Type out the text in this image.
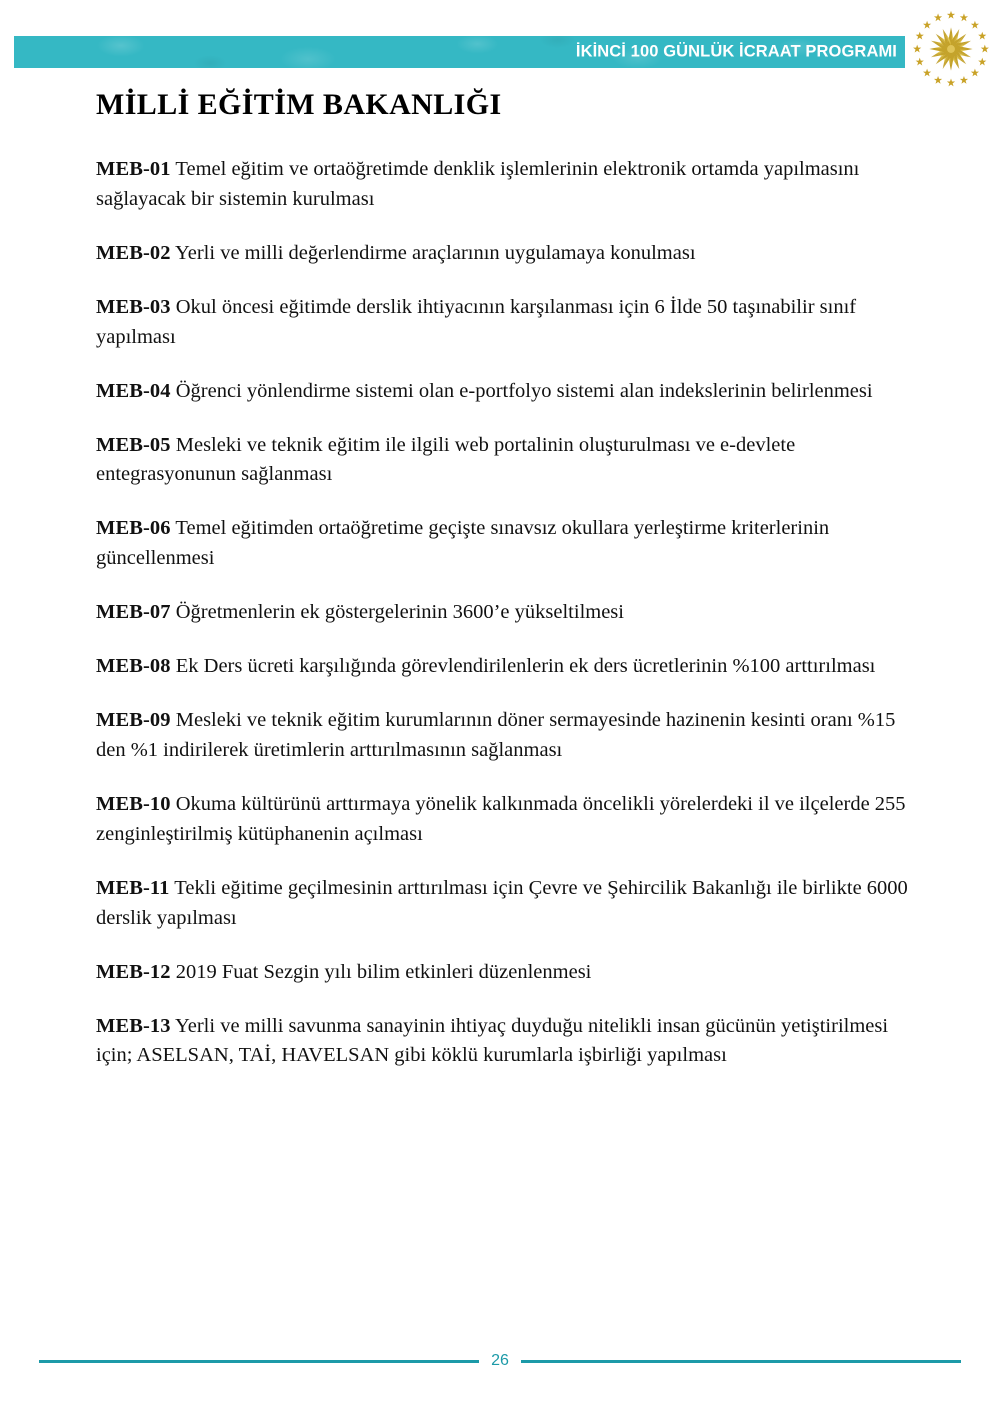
İKİNCİ 100 GÜNLÜK İCRAAT PROGRAMI
MİLLİ EĞİTİM BAKANLIĞI
MEB-01 Temel eğitim ve ortaöğretimde denklik işlemlerinin elektronik ortamda yapılmasını sağlayacak bir sistemin kurulması
MEB-02 Yerli ve milli değerlendirme araçlarının uygulamaya konulması
MEB-03 Okul öncesi eğitimde derslik ihtiyacının karşılanması için 6 İlde 50 taşınabilir sınıf yapılması
MEB-04 Öğrenci yönlendirme sistemi olan e-portfolyo sistemi alan indekslerinin belirlenmesi
MEB-05 Mesleki ve teknik eğitim ile ilgili web portalinin oluşturulması ve e-devlete entegrasyonunun sağlanması
MEB-06 Temel eğitimden ortaöğretime geçişte sınavsız okullara yerleştirme kriterlerinin güncellenmesi
MEB-07 Öğretmenlerin ek göstergelerinin 3600’e yükseltilmesi
MEB-08 Ek Ders ücreti karşılığında görevlendirilenlerin ek ders ücretlerinin %100 arttırılması
MEB-09 Mesleki ve teknik eğitim kurumlarının döner sermayesinde hazinenin kesinti oranı %15 den %1 indirilerek üretimlerin arttırılmasının sağlanması
MEB-10 Okuma kültürünü arttırmaya yönelik kalkınmada öncelikli yörelerdeki il ve ilçelerde 255 zenginleştirilmiş kütüphanenin açılması
MEB-11 Tekli eğitime geçilmesinin arttırılması için Çevre ve Şehircilik Bakanlığı ile birlikte 6000 derslik yapılması
MEB-12 2019 Fuat Sezgin yılı bilim etkinleri düzenlenmesi
MEB-13 Yerli ve milli savunma sanayinin ihtiyaç duyduğu nitelikli insan gücünün yetiştirilmesi için; ASELSAN, TAİ, HAVELSAN gibi köklü kurumlarla işbirliği yapılması
26
